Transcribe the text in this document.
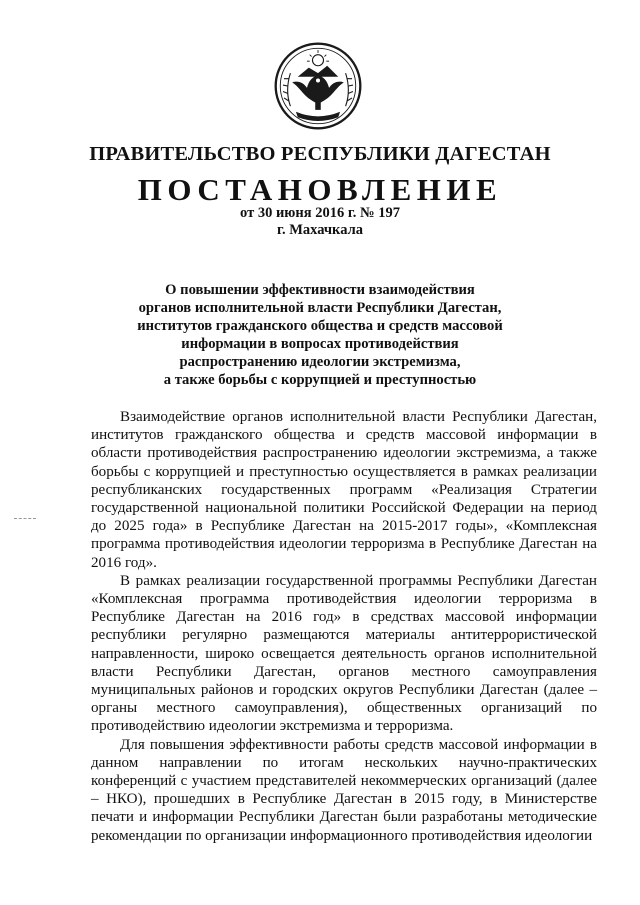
ПРАВИТЕЛЬСТВО РЕСПУБЛИКИ ДАГЕСТАН
ПОСТАНОВЛЕНИЕ
от 30 июня 2016 г. № 197
г. Махачкала
О повышении эффективности взаимодействия
органов исполнительной власти Республики Дагестан,
институтов гражданского общества и средств массовой
информации в вопросах противодействия
распространению идеологии экстремизма,
а также борьбы с коррупцией и преступностью

Взаимодействие органов исполнительной власти Республики Дагестан, институтов гражданского общества и средств массовой информации в области противодействия распространению идеологии экстремизма, а также борьбы с коррупцией и преступностью осуществляется в рамках реализации республиканских государственных программ «Реализация Стратегии государственной национальной политики Российской Федерации на период до 2025 года» в Республике Дагестан на 2015-2017 годы», «Комплексная программа противодействия идеологии терроризма в Республике Дагестан на 2016 год».

В рамках реализации государственной программы Республики Дагестан «Комплексная программа противодействия идеологии терроризма в Республике Дагестан на 2016 год» в средствах массовой информации республики регулярно размещаются материалы антитеррористической направленности, широко освещается деятельность органов исполнительной власти Республики Дагестан, органов местного самоуправления муниципальных районов и городских округов Республики Дагестан (далее – органы местного самоуправления), общественных организаций по противодействию идеологии экстремизма и терроризма.

Для повышения эффективности работы средств массовой информации в данном направлении по итогам нескольких научно-практических конференций с участием представителей некоммерческих организаций (далее – НКО), прошедших в Республике Дагестан в 2015 году, в Министерстве печати и информации Республики Дагестан были разработаны методические рекомендации по организации информационного противодействия идеологии
